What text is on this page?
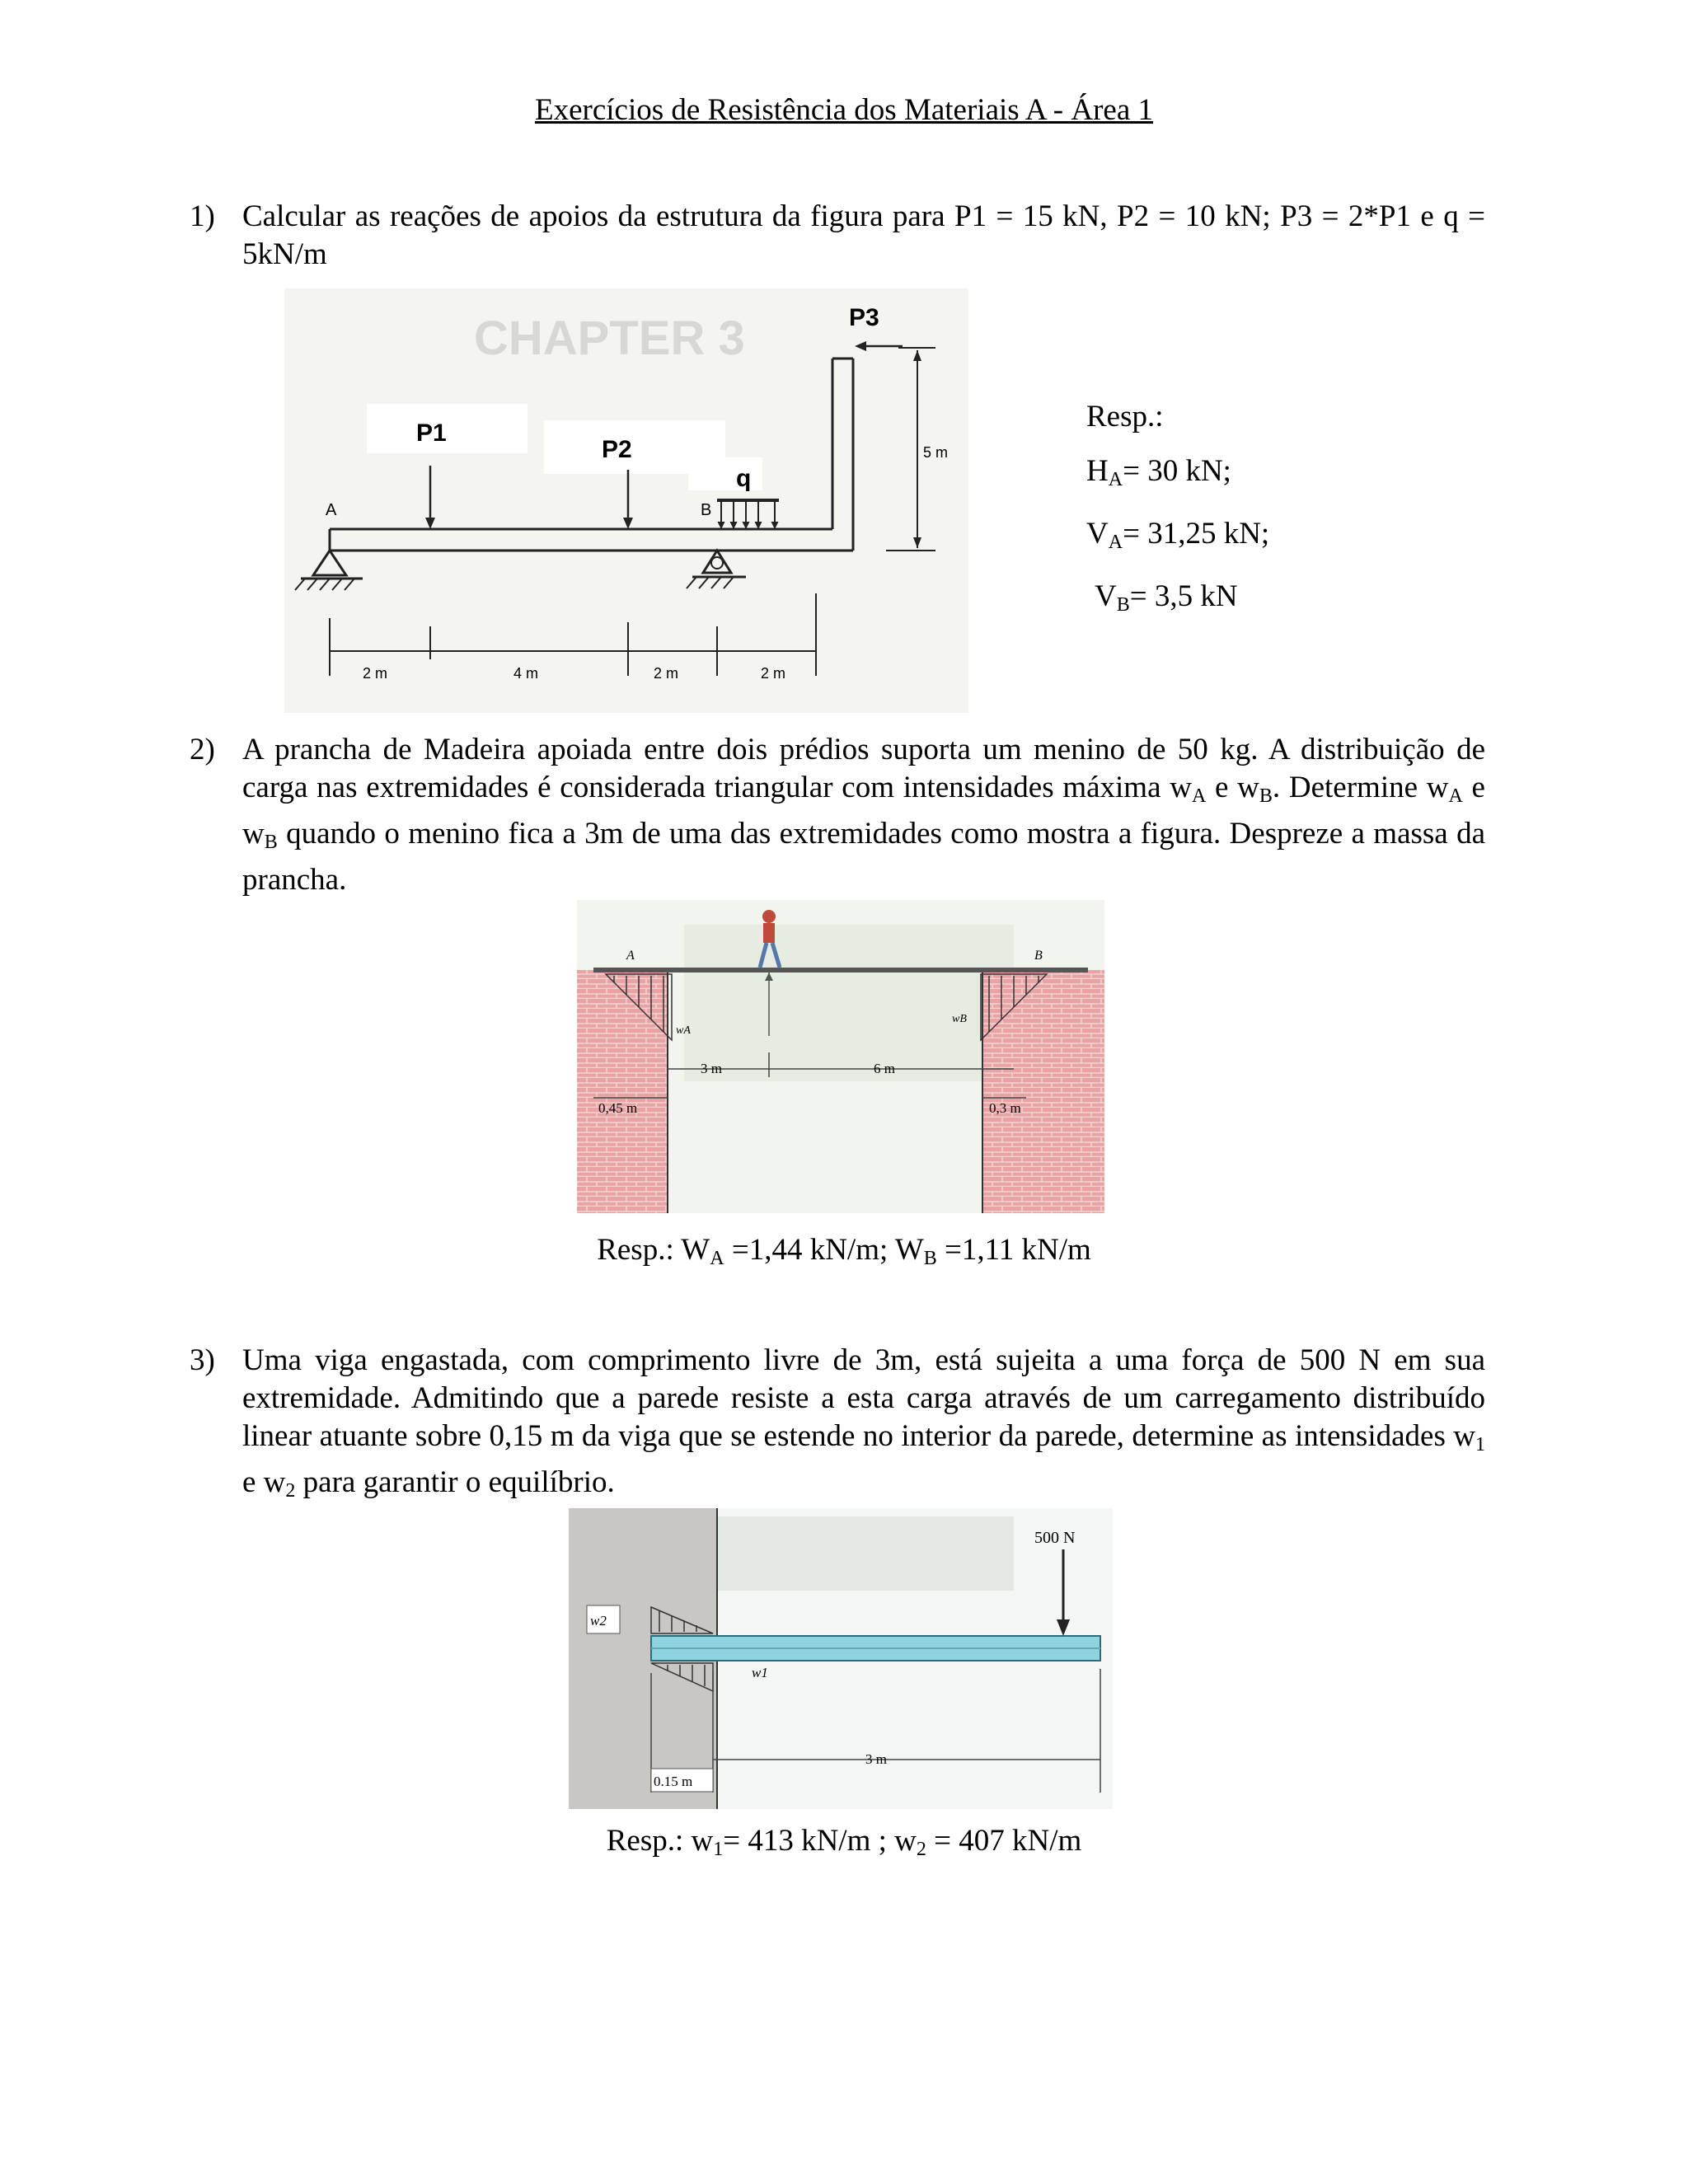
Exercícios de Resistência dos Materiais A - Área 1
1) Calcular as reações de apoios da estrutura da figura para P1 = 15 kN, P2 = 10 kN; P3 = 2*P1 e q = 5kN/m
CHAPTER 3
P1
P2
q
A	B
P3
5 m
2 m	4 m	2 m	2 m
Resp.:
$H_A= 30$ kN;
$V_A= 31,25$ kN;
$V_B= 3,5$ kN
2) A prancha de Madeira apoiada entre dois prédios suporta um menino de 50 kg. A distribuição de carga nas extremidades é considerada triangular com intensidades máxima $w_A$ e $w_B$. Determine $w_A$ e $w_B$ quando o menino fica a 3m de uma das extremidades como mostra a figura. Despreze a massa da prancha.
A
wA
B
wB
3 m	6 m
0,45 m	0,3 m
Resp.: $W_A =1,44$ kN/m; $W_B =1,11$ kN/m
3) Uma viga engastada, com comprimento livre de 3m, está sujeita a uma força de 500 N em sua extremidade. Admitindo que a parede resiste a esta carga através de um carregamento distribuído linear atuante sobre 0,15 m da viga que se estende no interior da parede, determine as intensidades $w_1$ e $w_2$ para garantir o equilíbrio.
w2
w1
500 N
0.15 m
3 m
Resp.: $w_1= 413$ kN/m ; $w_2 = 407$ kN/m
